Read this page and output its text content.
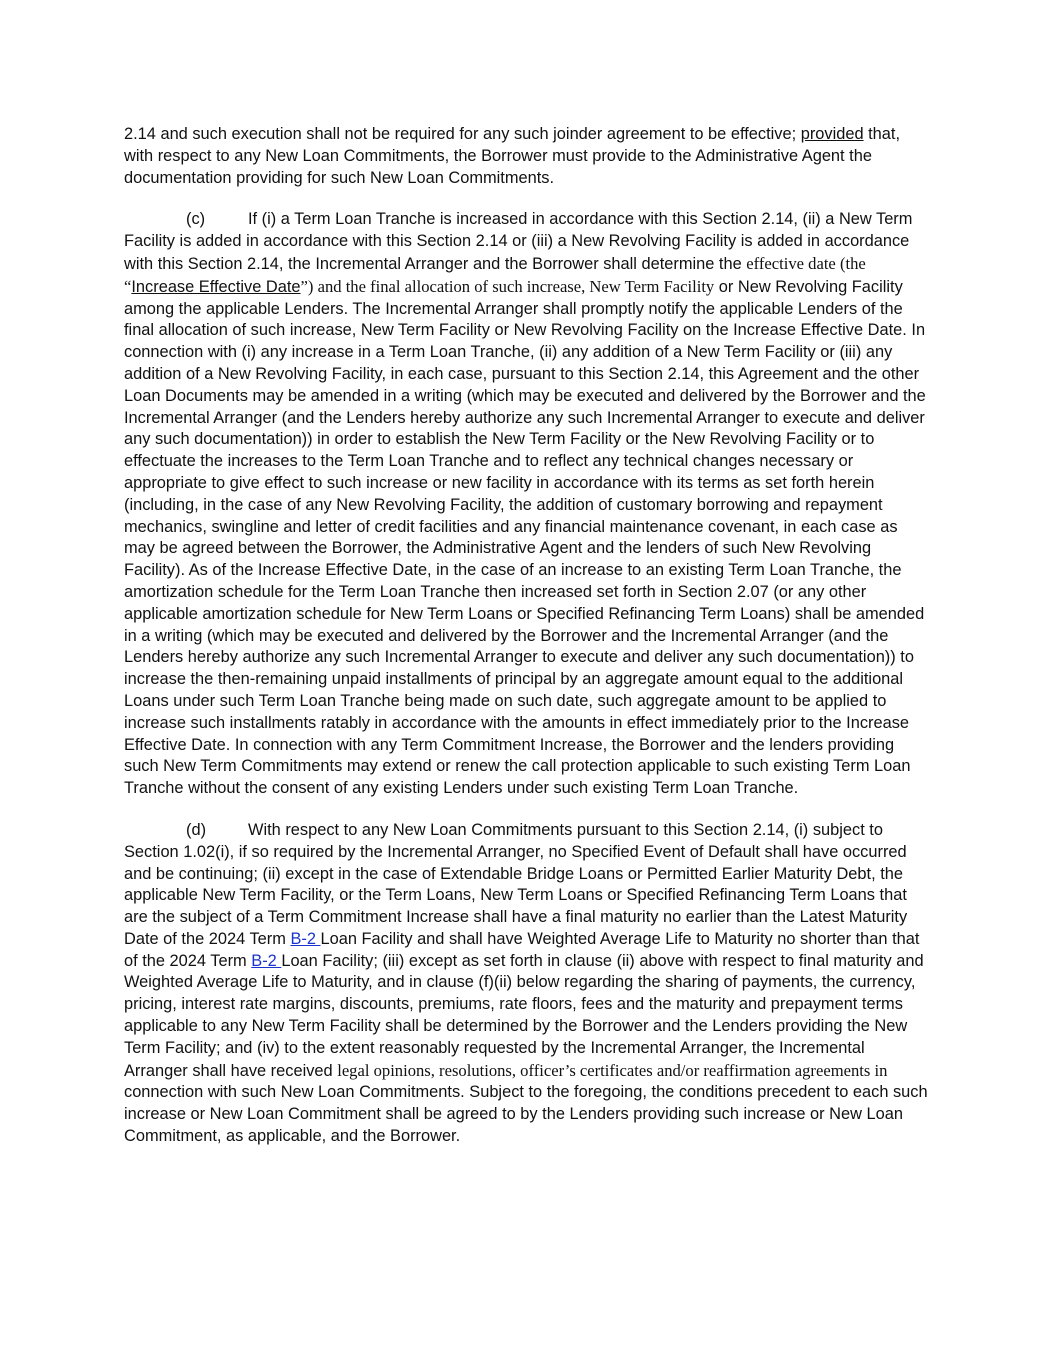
2.14 and such execution shall not be required for any such joinder agreement to be effective; provided that, with respect to any New Loan Commitments, the Borrower must provide to the Administrative Agent the documentation providing for such New Loan Commitments.

(c)	If (i) a Term Loan Tranche is increased in accordance with this Section 2.14, (ii) a New Term Facility is added in accordance with this Section 2.14 or (iii) a New Revolving Facility is added in accordance with this Section 2.14, the Incremental Arranger and the Borrower shall determine the effective date (the “Increase Effective Date”) and the final allocation of such increase, New Term Facility or New Revolving Facility among the applicable Lenders. The Incremental Arranger shall promptly notify the applicable Lenders of the final allocation of such increase, New Term Facility or New Revolving Facility on the Increase Effective Date. In connection with (i) any increase in a Term Loan Tranche, (ii) any addition of a New Term Facility or (iii) any addition of a New Revolving Facility, in each case, pursuant to this Section 2.14, this Agreement and the other Loan Documents may be amended in a writing (which may be executed and delivered by the Borrower and the Incremental Arranger (and the Lenders hereby authorize any such Incremental Arranger to execute and deliver any such documentation)) in order to establish the New Term Facility or the New Revolving Facility or to effectuate the increases to the Term Loan Tranche and to reflect any technical changes necessary or appropriate to give effect to such increase or new facility in accordance with its terms as set forth herein (including, in the case of any New Revolving Facility, the addition of customary borrowing and repayment mechanics, swingline and letter of credit facilities and any financial maintenance covenant, in each case as may be agreed between the Borrower, the Administrative Agent and the lenders of such New Revolving Facility). As of the Increase Effective Date, in the case of an increase to an existing Term Loan Tranche, the amortization schedule for the Term Loan Tranche then increased set forth in Section 2.07 (or any other applicable amortization schedule for New Term Loans or Specified Refinancing Term Loans) shall be amended in a writing (which may be executed and delivered by the Borrower and the Incremental Arranger (and the Lenders hereby authorize any such Incremental Arranger to execute and deliver any such documentation)) to increase the then-remaining unpaid installments of principal by an aggregate amount equal to the additional Loans under such Term Loan Tranche being made on such date, such aggregate amount to be applied to increase such installments ratably in accordance with the amounts in effect immediately prior to the Increase Effective Date. In connection with any Term Commitment Increase, the Borrower and the lenders providing such New Term Commitments may extend or renew the call protection applicable to such existing Term Loan Tranche without the consent of any existing Lenders under such existing Term Loan Tranche.

(d)	With respect to any New Loan Commitments pursuant to this Section 2.14, (i) subject to Section 1.02(i), if so required by the Incremental Arranger, no Specified Event of Default shall have occurred and be continuing; (ii) except in the case of Extendable Bridge Loans or Permitted Earlier Maturity Debt, the applicable New Term Facility, or the Term Loans, New Term Loans or Specified Refinancing Term Loans that are the subject of a Term Commitment Increase shall have a final maturity no earlier than the Latest Maturity Date of the 2024 Term B-2 Loan Facility and shall have Weighted Average Life to Maturity no shorter than that of the 2024 Term B-2 Loan Facility; (iii) except as set forth in clause (ii) above with respect to final maturity and Weighted Average Life to Maturity, and in clause (f)(ii) below regarding the sharing of payments, the currency, pricing, interest rate margins, discounts, premiums, rate floors, fees and the maturity and prepayment terms applicable to any New Term Facility shall be determined by the Borrower and the Lenders providing the New Term Facility; and (iv) to the extent reasonably requested by the Incremental Arranger, the Incremental Arranger shall have received legal opinions, resolutions, officer’s certificates and/or reaffirmation agreements in connection with such New Loan Commitments. Subject to the foregoing, the conditions precedent to each such increase or New Loan Commitment shall be agreed to by the Lenders providing such increase or New Loan Commitment, as applicable, and the Borrower.
